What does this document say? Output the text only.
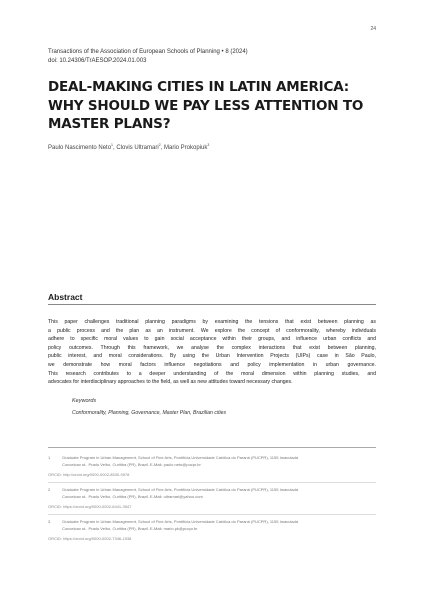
24
Transactions of the Association of European Schools of Planning • 8 (2024)
doi: 10.24306/TrAESOP.2024.01.003
DEAL-MAKING CITIES IN LATIN AMERICA:
WHY SHOULD WE PAY LESS ATTENTION TO
MASTER PLANS?
Paulo Nascimento Neto$^1$, Clovis Ultramari$^2$, Mario Prokopiuk$^3$
Abstract
This paper challenges traditional planning paradigms by examining the tensions that exist between planning as
a public process and the plan as an instrument. We explore the concept of conformorality, whereby individuals
adhere to specific moral values to gain social acceptance within their groups, and influence urban conflicts and
policy outcomes. Through this framework, we analyse the complex interactions that exist between planning,
public interest, and moral considerations. By using the Urban Intervention Projects (UIPs) case in São Paulo,
we demonstrate how moral factors influence negotiations and policy implementation in urban governance.
This research contributes to a deeper understanding of the moral dimension within planning studies, and
advocates for interdisciplinary approaches to the field, as well as new attitudes toward necessary changes.
Keywords
Conformorality, Planning, Governance, Master Plan, Brazilian cities
1	Graduate Program in Urban Management, School of Fine Arts, Pontifícia Universidade Católica do Paraná (PUCPR), 1155 Imaculada
Conceicao st., Prado Velho, Curitiba (PR), Brazil. E-Mail: paulo.neto@pucpr.br
ORCID: http://orcid.org/0000-0002-8530-9978
2	Graduate Program in Urban Management, School of Fine Arts, Pontifícia Universidade Católica do Paraná (PUCPR), 1155 Imaculada
Conceicao st., Prado Velho, Curitiba (PR), Brazil. E-Mail: ultramari@yahoo.com
ORCID: https://orcid.org/0000-0002-6441-3547
3	Graduate Program in Urban Management, School of Fine Arts, Pontifícia Universidade Católica do Paraná (PUCPR), 1155 Imaculada
Conceicao st., Prado Velho, Curitiba (PR), Brazil. E-Mail: mario.pk@pucpr.br
ORCID: https://orcid.org/0000-0002-7346-1938
